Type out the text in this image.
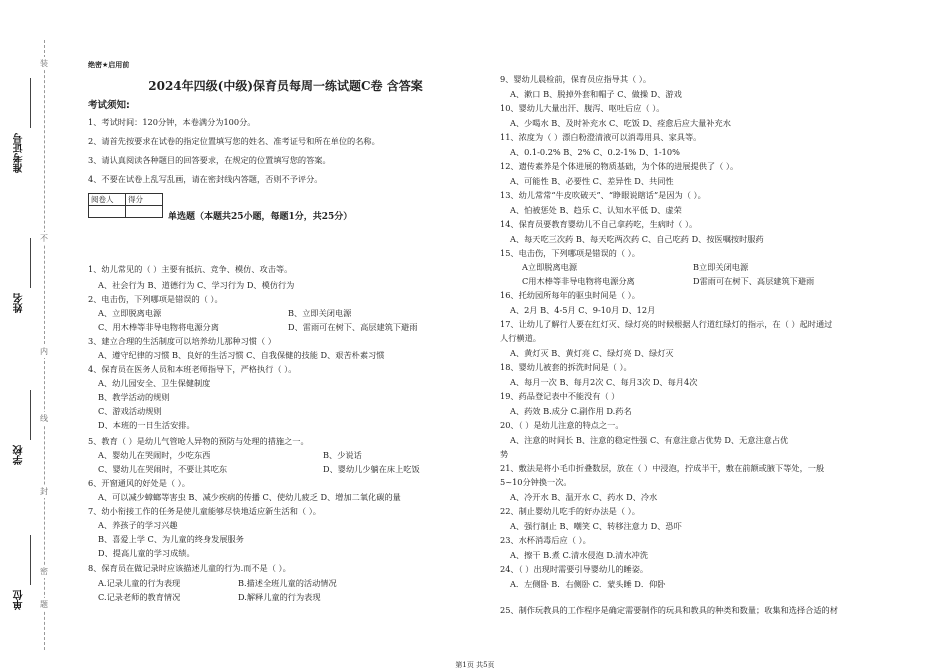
准考证号
姓名
学校
单位
装
不
内
线
封
密
题
绝密★启用前
2024年四级(中级)保育员每周一练试题C卷 含答案
考试须知:
1、考试时间：120分钟，本卷满分为100分。
2、请首先按要求在试卷的指定位置填写您的姓名、准考证号和所在单位的名称。
3、请认真阅读各种题目的回答要求，在规定的位置填写您的答案。
4、不要在试卷上乱写乱画，请在密封线内答题，否则不予评分。
阅卷人	得分

单选题（本题共25小题，每题1分，共25分）
1、幼儿常见的（ ）主要有抵抗、竞争、模仿、攻击等。
A、社会行为 B、道德行为 C、学习行为 D、模仿行为
2、电击伤，下列哪项是错误的（ ）。
A、立即脱离电源	B、立即关闭电源
C、用木棒等非导电物将电源分离	D、雷雨可在树下、高层建筑下避雨
3、建立合理的生活制度可以培养幼儿那种习惯（ ）
A、遵守纪律的习惯 B、良好的生活习惯 C、自我保健的技能 D、艰苦朴素习惯
4、保育员在医务人员和本班老师指导下，严格执行（ ）。
A、幼儿园安全、卫生保健制度
B、教学活动的规则
C、游戏活动规则
D、本班的一日生活安排。
5、教育（ ）是幼儿气管呛人异物的预防与处理的措施之一。
A、婴幼儿在哭闹时，少吃东西	B、少说话
C、婴幼儿在哭闹时，不要让其吃东	D、婴幼儿少躺在床上吃饭
6、开窗通风的好处是（ ）。
A、可以减少蟑螂等害虫 B、减少疾病的传播 C、使幼儿疲乏 D、增加二氧化碳的量
7、幼小衔接工作的任务是使儿童能够尽快地适应新生活和（ ）。
A、养孩子的学习兴趣
B、喜爱上学 C、为儿童的终身发展服务
D、提高儿童的学习成绩。
8、保育员在做记录时应该描述儿童的行为.而不是（ ）。
A.记录儿童的行为表现	B.描述全班儿童的活动情况
C.记录老师的教育情况	D.解释儿童的行为表现
9、婴幼儿晨检前，保育员应指导其（ ）。
A、漱口 B、脱掉外套和帽子 C、做操 D、游戏
10、婴幼儿大量出汗、腹泻、呕吐后应（ ）。
A、少喝水 B、及时补充水 C、吃饭 D、痊愈后应大量补充水
11、浓度为（ ）漂白粉澄清液可以消毒用具、家具等。
A、0.1-0.2% B、2% C、0.2-1% D、1-10%
12、遗传素养是个体进展的物质基础，为个体的进展提供了（ ）。
A、可能性 B、必要性 C、差异性 D、共同性
13、幼儿常常“牛皮吹破天”、“睁眼说瞎话”是因为（ ）。
A、怕被惩处 B、趋乐 C、认知水平低 D、虚荣
14、保育员要教育婴幼儿不自己拿药吃，生病时（ ）。
A、每天吃三次药 B、每天吃两次药 C、自己吃药 D、按医嘱按时服药
15、电击伤，下列哪项是错误的（ ）。
A立即脱离电源	B立即关闭电源
C用木棒等非导电物将电源分离	D雷雨可在树下、高层建筑下避雨
16、托幼园所每年的驱虫时间是（ ）。
A、2月 B、4-5月 C、9-10月 D、12月
17、让幼儿了解行人要在红灯灭、绿灯亮的时候根据人行道红绿灯的指示，在（ ）起时通过
人行横道。
A、黄灯灭 B、黄灯亮 C、绿灯亮 D、绿灯灭
18、婴幼儿被套的拆洗时间是（ ）。
A、每月一次 B、每月2次 C、每月3次 D、每月4次
19、药品登记表中不能没有（ ）
A、药效 B.成分 C.副作用 D.药名
20、（ ）是幼儿注意的特点之一。
A、注意的时间长 B、注意的稳定性强 C、有意注意占优势 D、无意注意占优
势
21、敷法是将小毛巾折叠数层，放在（ ）中浸泡，拧成半干，敷在前额或腋下等处，一般
5~10分钟换一次。
A、冷开水 B、温开水 C、药水 D、冷水
22、制止婴幼儿吃手的好办法是（ ）。
A、强行制止 B、嘲笑 C、转移注意力 D、恐吓
23、水杯消毒后应（ ）。
A、擦干 B.煮 C.清水侵泡 D.清水冲洗
24、（ ）出现时需要引导婴幼儿的睡姿。
A．左侧卧 B．右侧卧 C．蒙头睡 D．仰卧
25、制作玩教具的工作程序是确定需要制作的玩具和教具的种类和数量；收集和选择合适的材
第1页 共5页
